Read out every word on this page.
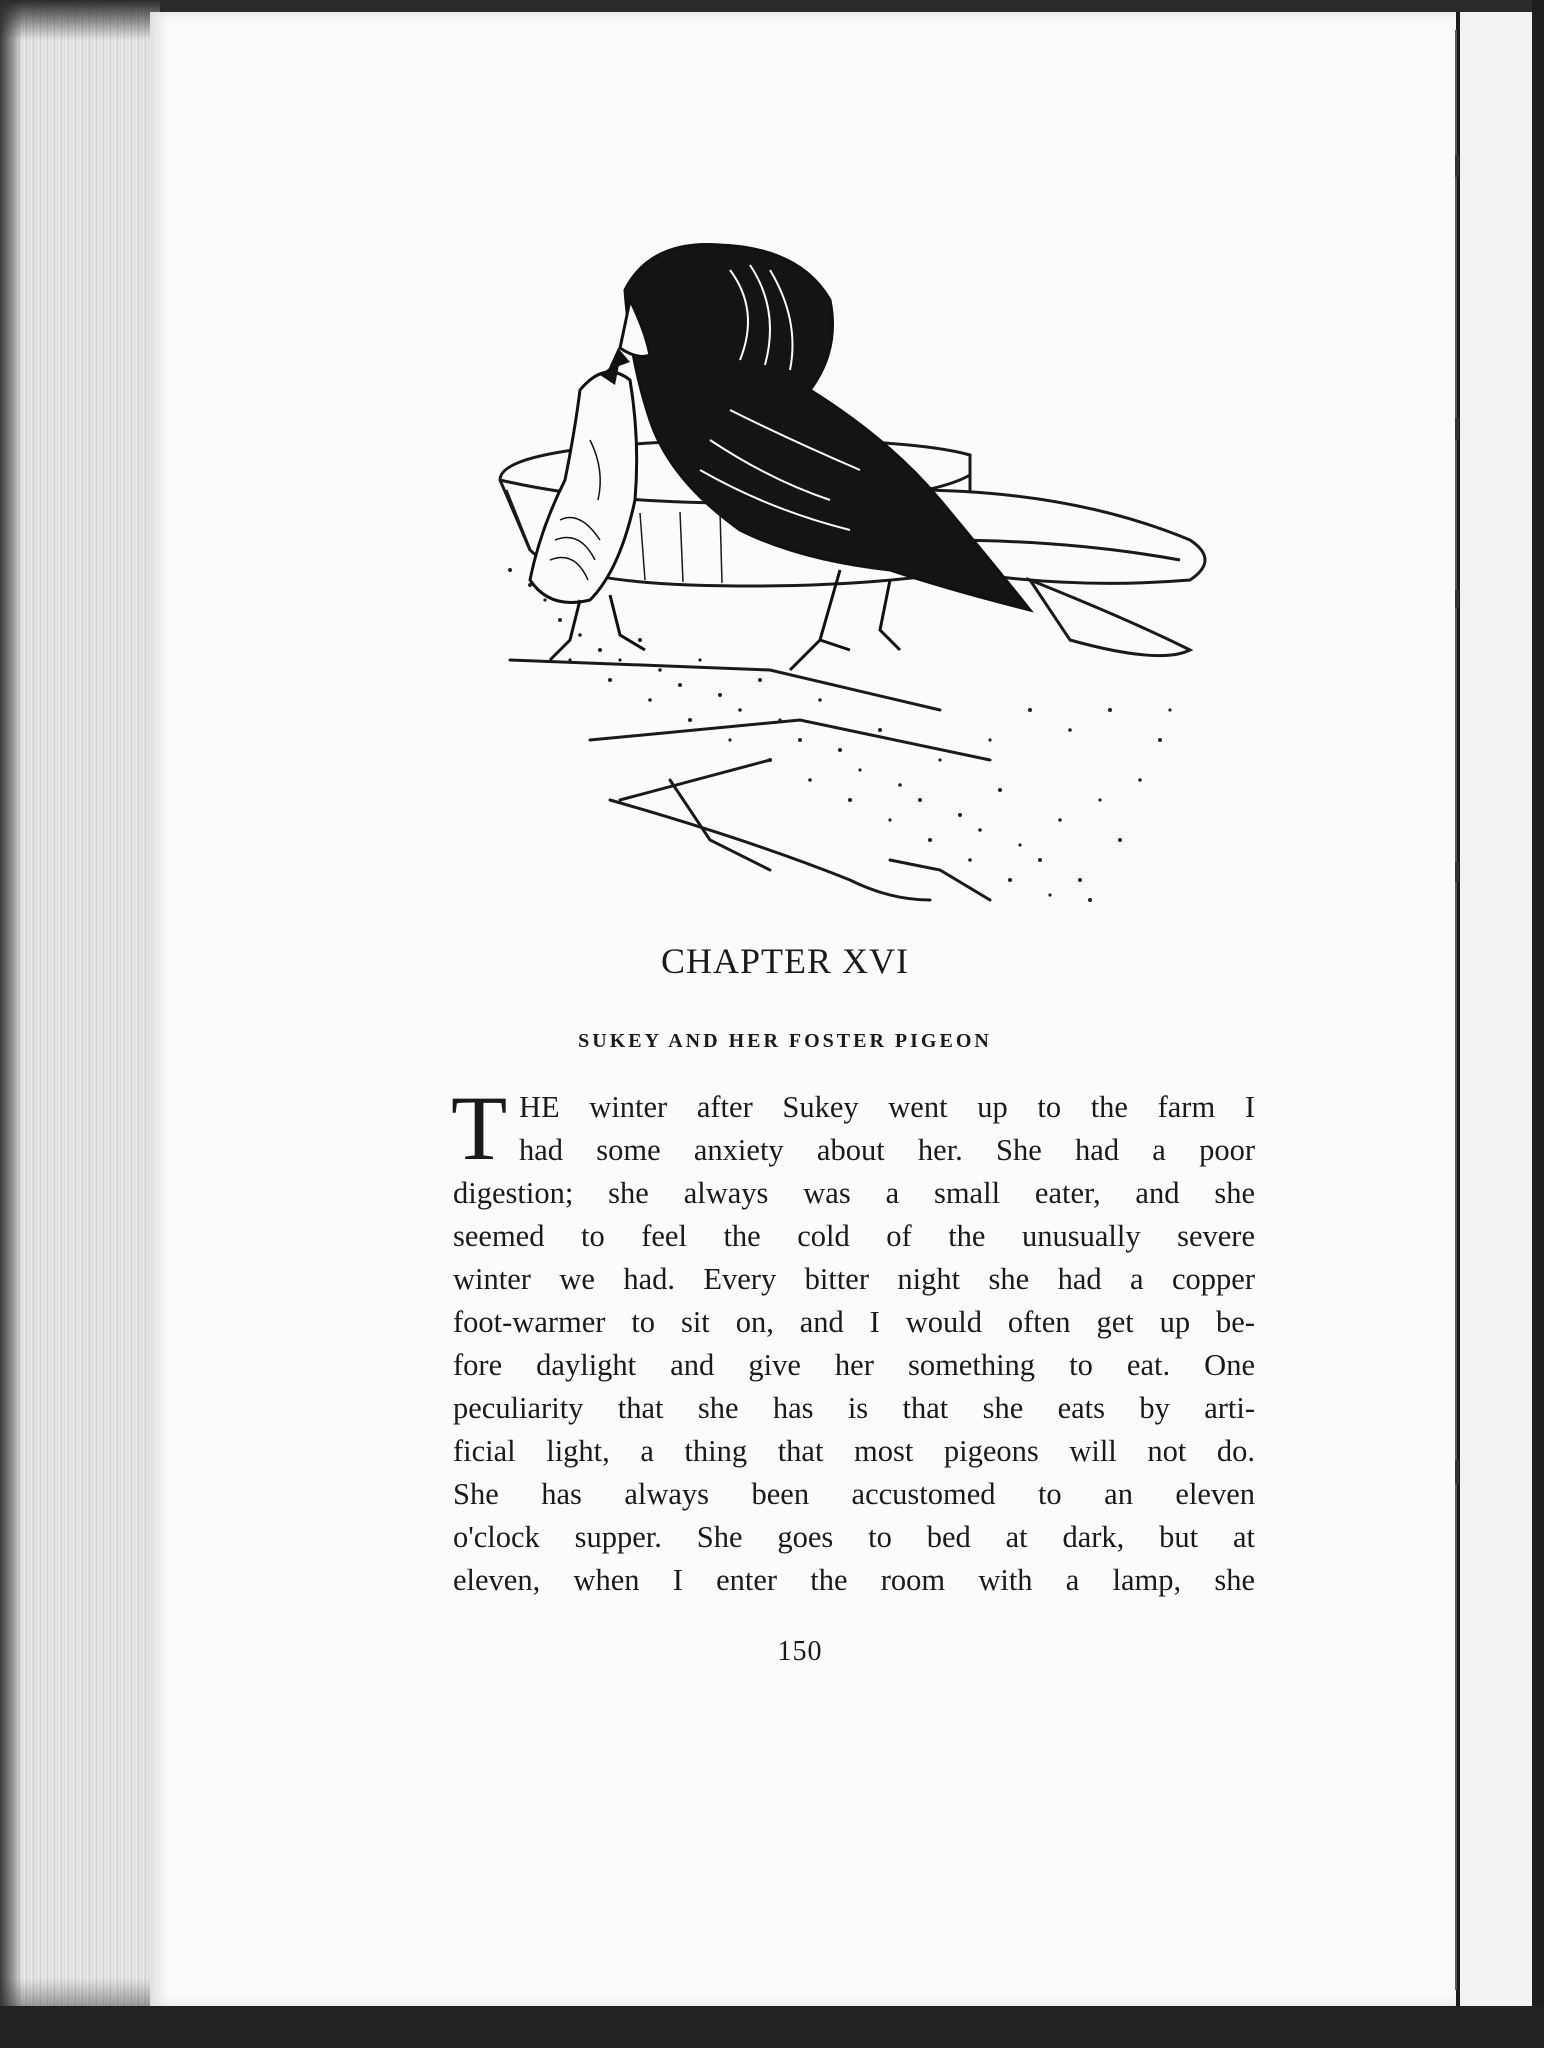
CHAPTER XVI
SUKEY AND HER FOSTER PIGEON
T HE winter after Sukey went up to the farm I
had some anxiety about her. She had a poor
digestion; she always was a small eater, and she
seemed to feel the cold of the unusually severe
winter we had. Every bitter night she had a copper
foot-warmer to sit on, and I would often get up be-
fore daylight and give her something to eat. One
peculiarity that she has is that she eats by arti-
ficial light, a thing that most pigeons will not do.
She has always been accustomed to an eleven
o'clock supper. She goes to bed at dark, but at
eleven, when I enter the room with a lamp, she
150
